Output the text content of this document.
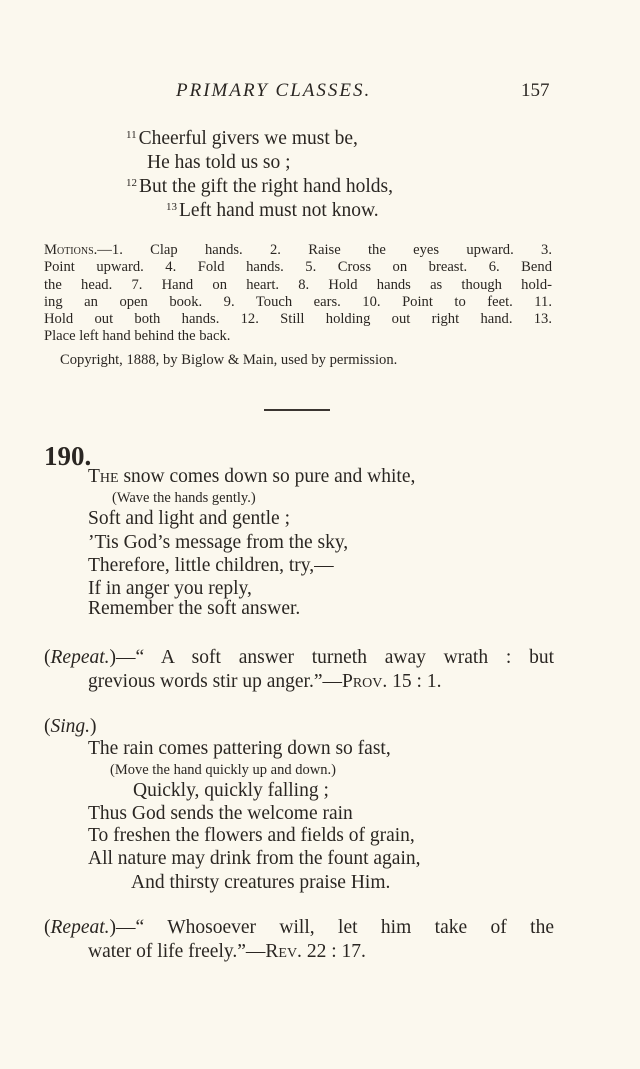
PRIMARY CLASSES.	157
$^{11}$ Cheerful givers we must be,
He has told us so ;
$^{12}$ But the gift the right hand holds,
$^{13}$ Left hand must not know.
Motions.—1. Clap hands. 2. Raise the eyes upward. 3.
Point upward. 4. Fold hands. 5. Cross on breast. 6. Bend
the head. 7. Hand on heart. 8. Hold hands as though hold-
ing an open book. 9. Touch ears. 10. Point to feet. 11.
Hold out both hands. 12. Still holding out right hand. 13.
Place left hand behind the back.
Copyright, 1888, by Biglow & Main, used by permission.
190.
The snow comes down so pure and white,
(Wave the hands gently.)
Soft and light and gentle ;
’Tis God’s message from the sky,
Therefore, little children, try,—
If in anger you reply,
Remember the soft answer.
(Repeat.)—“ A soft answer turneth away wrath : but
grevious words stir up anger.”—Prov. 15 : 1.
(Sing.)
The rain comes pattering down so fast,
(Move the hand quickly up and down.)
Quickly, quickly falling ;
Thus God sends the welcome rain
To freshen the flowers and fields of grain,
All nature may drink from the fount again,
And thirsty creatures praise Him.
(Repeat.)—“ Whosoever will, let him take of the
water of life freely.”—Rev. 22 : 17.
